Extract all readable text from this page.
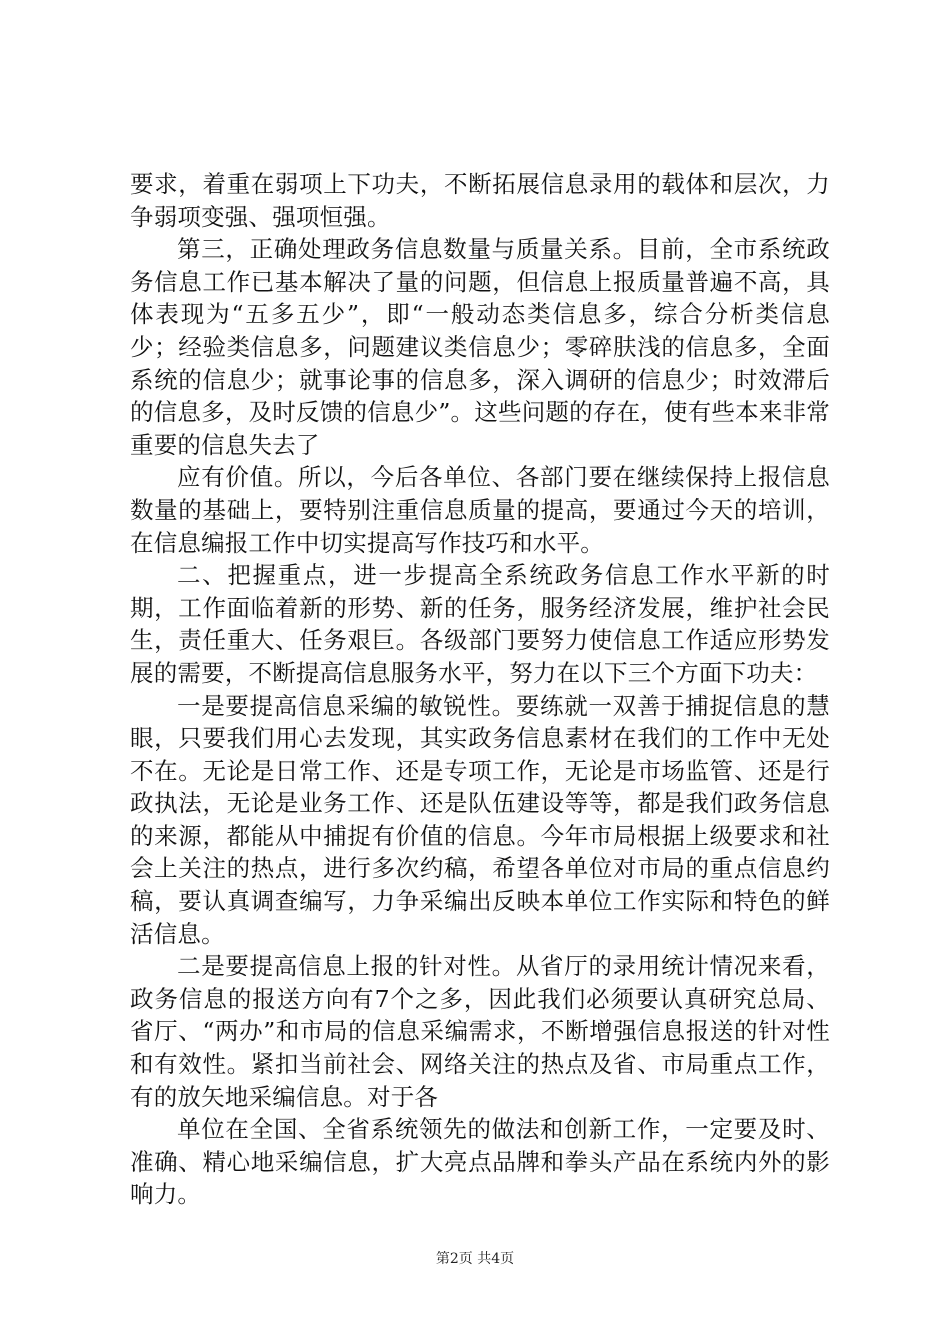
要求，着重在弱项上下功夫，不断拓展信息录用的载体和层次，力争弱项变强、强项恒强。

第三，正确处理政务信息数量与质量关系。目前，全市系统政务信息工作已基本解决了量的问题，但信息上报质量普遍不高，具体表现为“五多五少”，即“一般动态类信息多，综合分析类信息少；经验类信息多，问题建议类信息少；零碎肤浅的信息多，全面系统的信息少；就事论事的信息多，深入调研的信息少；时效滞后的信息多，及时反馈的信息少”。这些问题的存在，使有些本来非常重要的信息失去了

应有价值。所以，今后各单位、各部门要在继续保持上报信息数量的基础上，要特别注重信息质量的提高，要通过今天的培训，在信息编报工作中切实提高写作技巧和水平。

二、把握重点，进一步提高全系统政务信息工作水平新的时期，工作面临着新的形势、新的任务，服务经济发展，维护社会民生，责任重大、任务艰巨。各级部门要努力使信息工作适应形势发展的需要，不断提高信息服务水平，努力在以下三个方面下功夫：

一是要提高信息采编的敏锐性。要练就一双善于捕捉信息的慧眼，只要我们用心去发现，其实政务信息素材在我们的工作中无处不在。无论是日常工作、还是专项工作，无论是市场监管、还是行政执法，无论是业务工作、还是队伍建设等等，都是我们政务信息的来源，都能从中捕捉有价值的信息。今年市局根据上级要求和社会上关注的热点，进行多次约稿，希望各单位对市局的重点信息约稿，要认真调查编写，力争采编出反映本单位工作实际和特色的鲜活信息。

二是要提高信息上报的针对性。从省厅的录用统计情况来看，政务信息的报送方向有7个之多，因此我们必须要认真研究总局、省厅、“两办”和市局的信息采编需求，不断增强信息报送的针对性和有效性。紧扣当前社会、网络关注的热点及省、市局重点工作，有的放矢地采编信息。对于各

单位在全国、全省系统领先的做法和创新工作，一定要及时、准确、精心地采编信息，扩大亮点品牌和拳头产品在系统内外的影响力。

第2页 共4页
